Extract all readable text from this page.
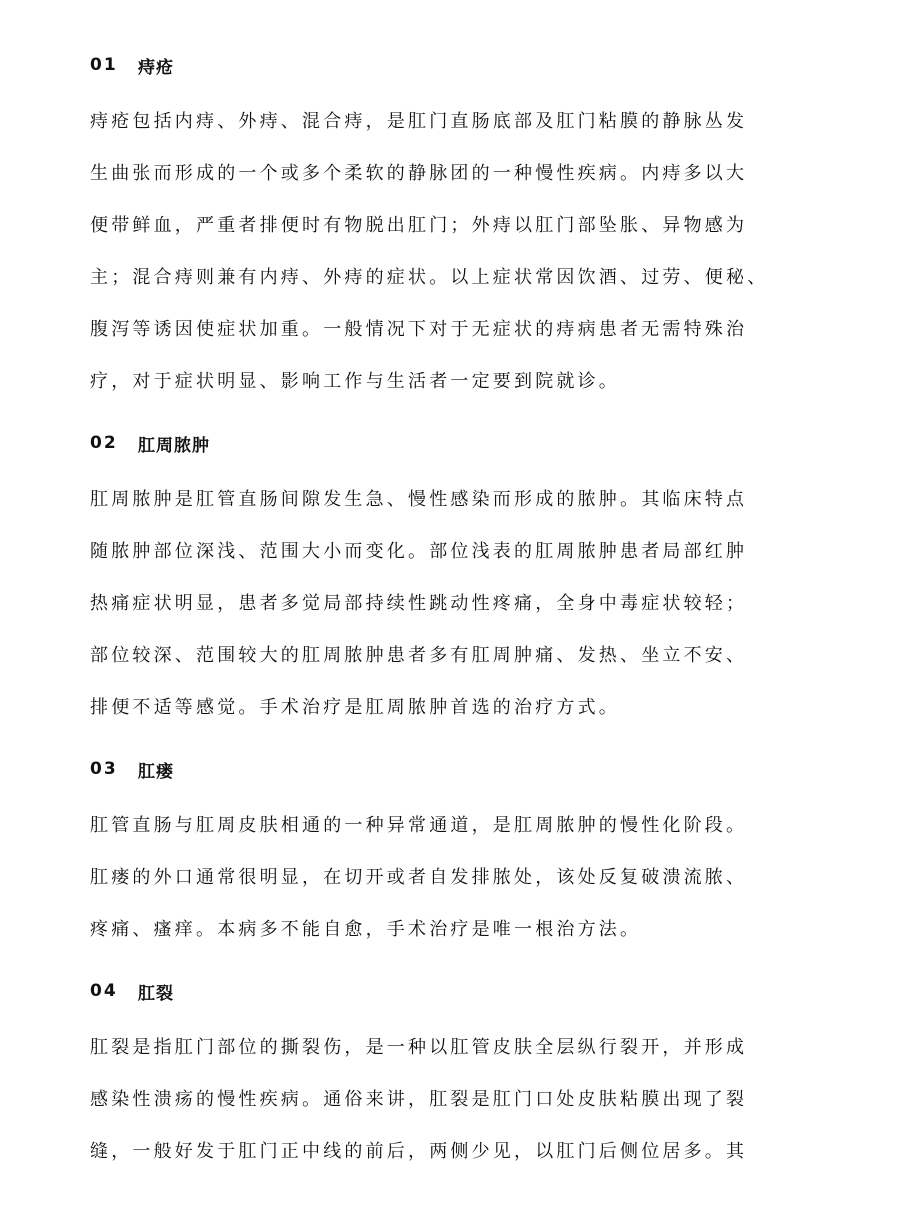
01	痔疮
痔疮包括内痔、外痔、混合痔，是肛门直肠底部及肛门粘膜的静脉丛发
生曲张而形成的一个或多个柔软的静脉团的一种慢性疾病。内痔多以大
便带鲜血，严重者排便时有物脱出肛门；外痔以肛门部坠胀、异物感为
主；混合痔则兼有内痔、外痔的症状。以上症状常因饮酒、过劳、便秘、
腹泻等诱因使症状加重。一般情况下对于无症状的痔病患者无需特殊治
疗，对于症状明显、影响工作与生活者一定要到院就诊。
02	肛周脓肿
肛周脓肿是肛管直肠间隙发生急、慢性感染而形成的脓肿。其临床特点
随脓肿部位深浅、范围大小而变化。部位浅表的肛周脓肿患者局部红肿
热痛症状明显，患者多觉局部持续性跳动性疼痛，全身中毒症状较轻；
部位较深、范围较大的肛周脓肿患者多有肛周肿痛、发热、坐立不安、
排便不适等感觉。手术治疗是肛周脓肿首选的治疗方式。
03	肛瘘
肛管直肠与肛周皮肤相通的一种异常通道，是肛周脓肿的慢性化阶段。
肛瘘的外口通常很明显，在切开或者自发排脓处，该处反复破溃流脓、
疼痛、瘙痒。本病多不能自愈，手术治疗是唯一根治方法。
04	肛裂
肛裂是指肛门部位的撕裂伤，是一种以肛管皮肤全层纵行裂开，并形成
感染性溃疡的慢性疾病。通俗来讲，肛裂是肛门口处皮肤粘膜出现了裂
缝，一般好发于肛门正中线的前后，两侧少见，以肛门后侧位居多。其
